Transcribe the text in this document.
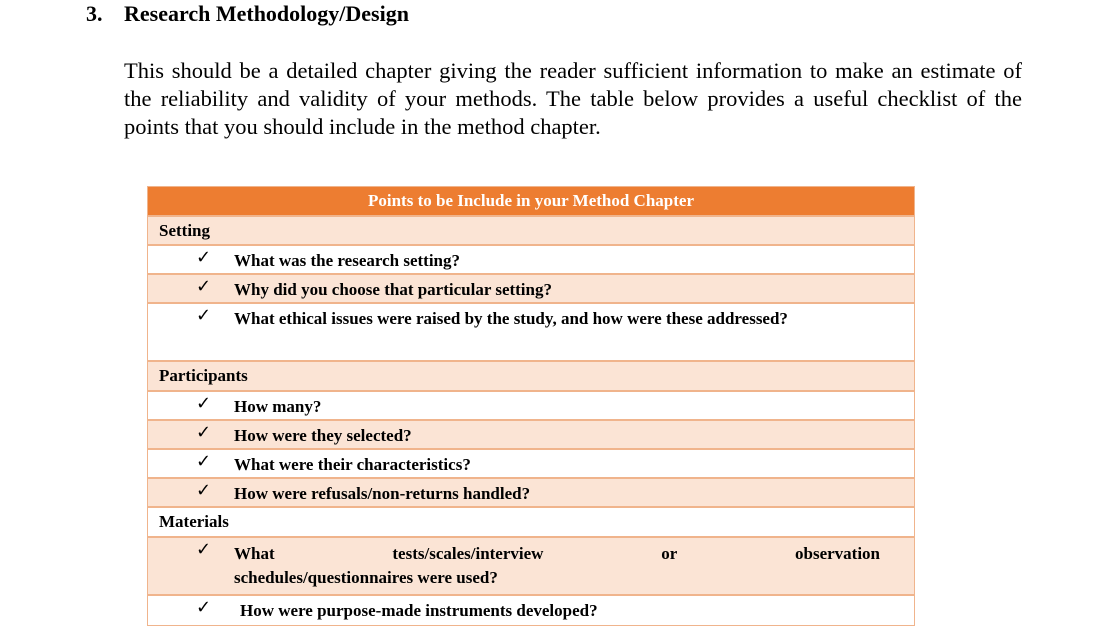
3. Research Methodology/Design

This should be a detailed chapter giving the reader sufficient information to make an estimate of the reliability and validity of your methods. The table below provides a useful checklist of the points that you should include in the method chapter.

Points to be Include in your Method Chapter
Setting
✓ What was the research setting?
✓ Why did you choose that particular setting?
✓ What ethical issues were raised by the study, and how were these addressed?
Participants
✓ How many?
✓ How were they selected?
✓ What were their characteristics?
✓ How were refusals/non-returns handled?
Materials
✓ What	tests/scales/interview	or	observation
schedules/questionnaires were used?
✓ How were purpose-made instruments developed?
